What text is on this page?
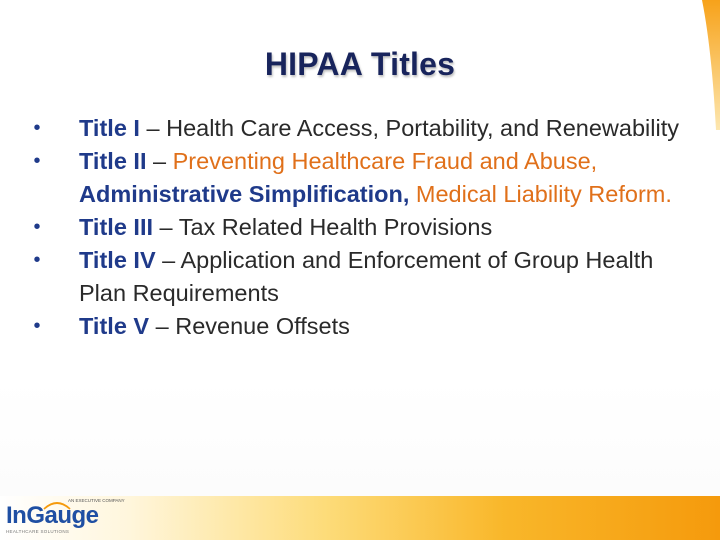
HIPAA Titles
• Title I – Health Care Access, Portability, and Renewability
• Title II – Preventing Healthcare Fraud and Abuse, Administrative Simplification, Medical Liability Reform.
• Title III – Tax Related Health Provisions
• Title IV – Application and Enforcement of Group Health Plan Requirements
• Title V – Revenue Offsets
AN EXECUTIVE COMPANY
InGauge
HEALTHCARE SOLUTIONS
